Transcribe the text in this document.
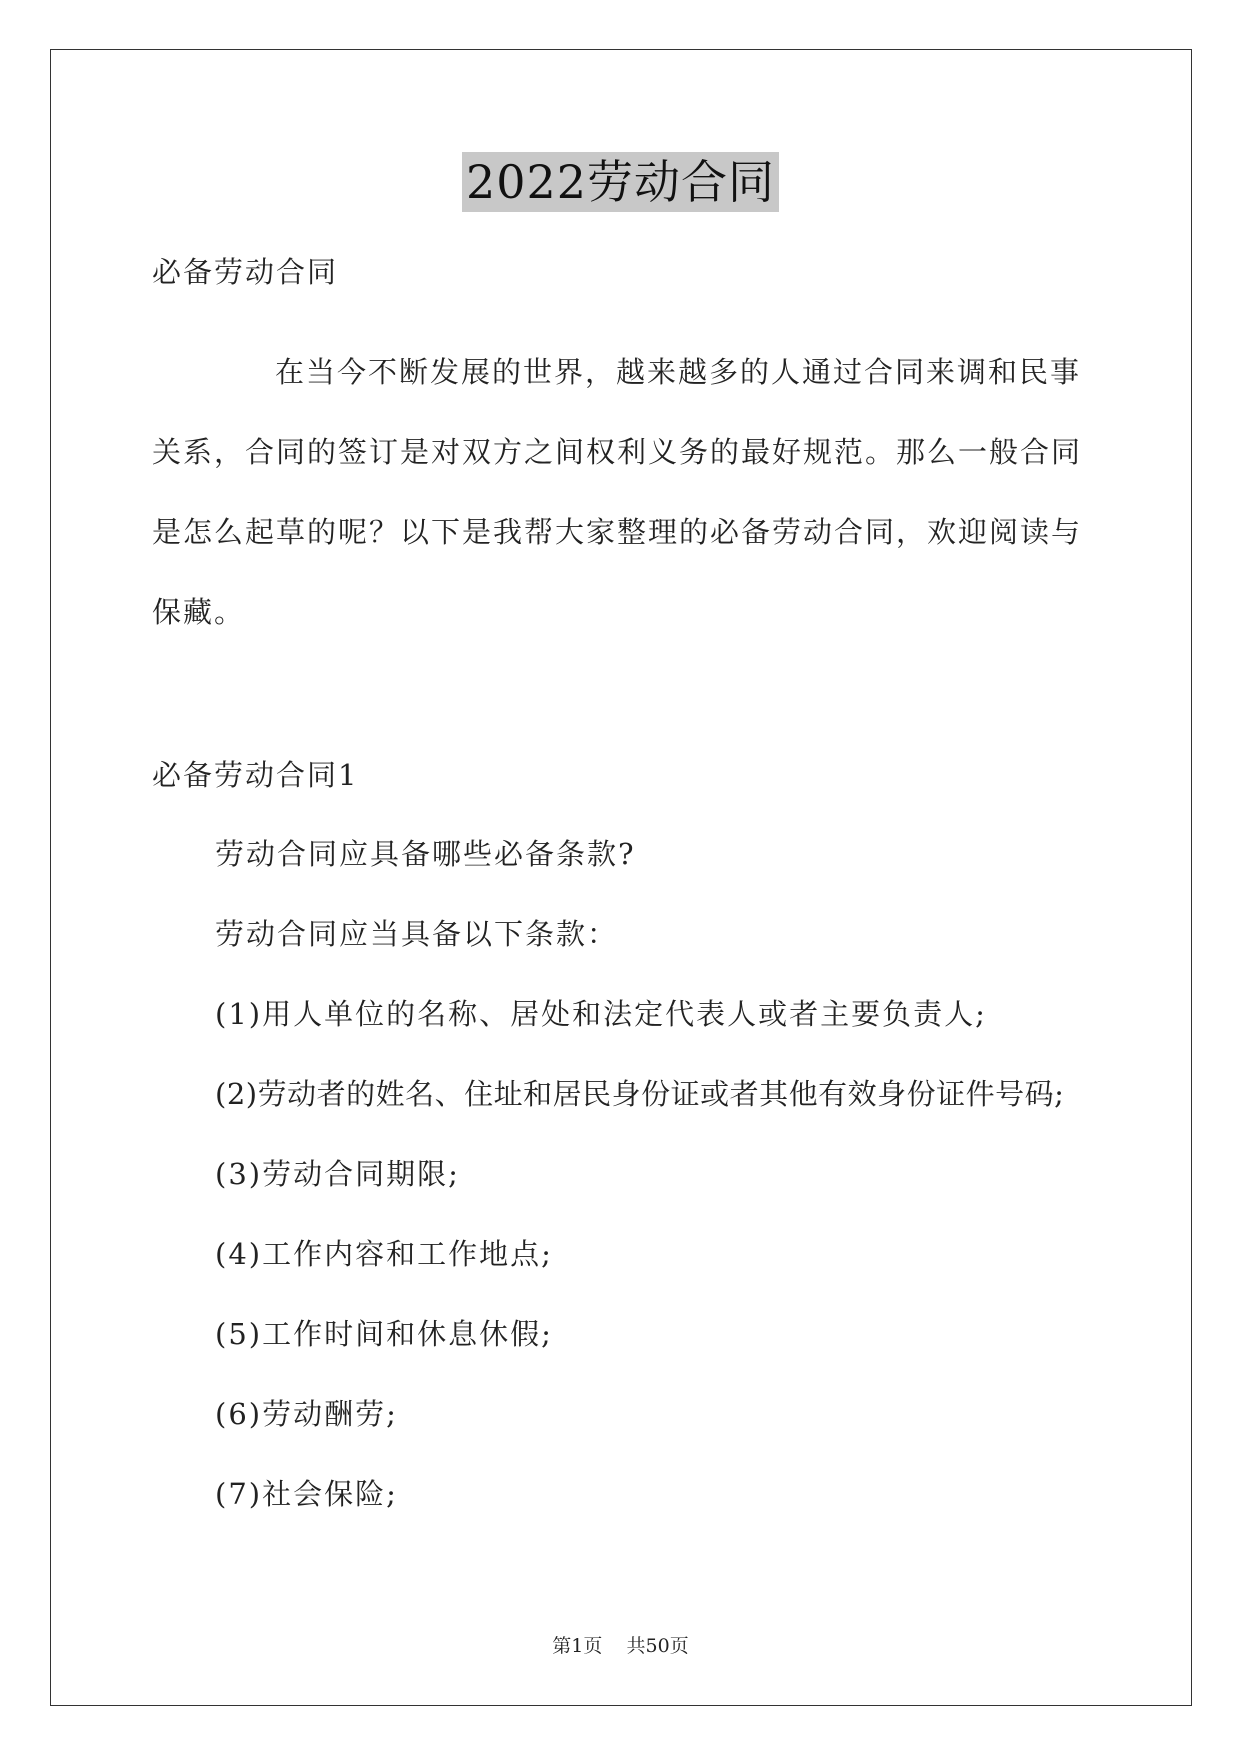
2022劳动合同
必备劳动合同
在当今不断发展的世界，越来越多的人通过合同来调和民事
关系，合同的签订是对双方之间权利义务的最好规范。那么一般合同
是怎么起草的呢？以下是我帮大家整理的必备劳动合同，欢迎阅读与
保藏。
必备劳动合同1
劳动合同应具备哪些必备条款?
劳动合同应当具备以下条款：
(1)用人单位的名称、居处和法定代表人或者主要负责人;
(2)劳动者的姓名、住址和居民身份证或者其他有效身份证件号码;
(3)劳动合同期限;
(4)工作内容和工作地点;
(5)工作时间和休息休假;
(6)劳动酬劳;
(7)社会保险;
第1页    共50页
